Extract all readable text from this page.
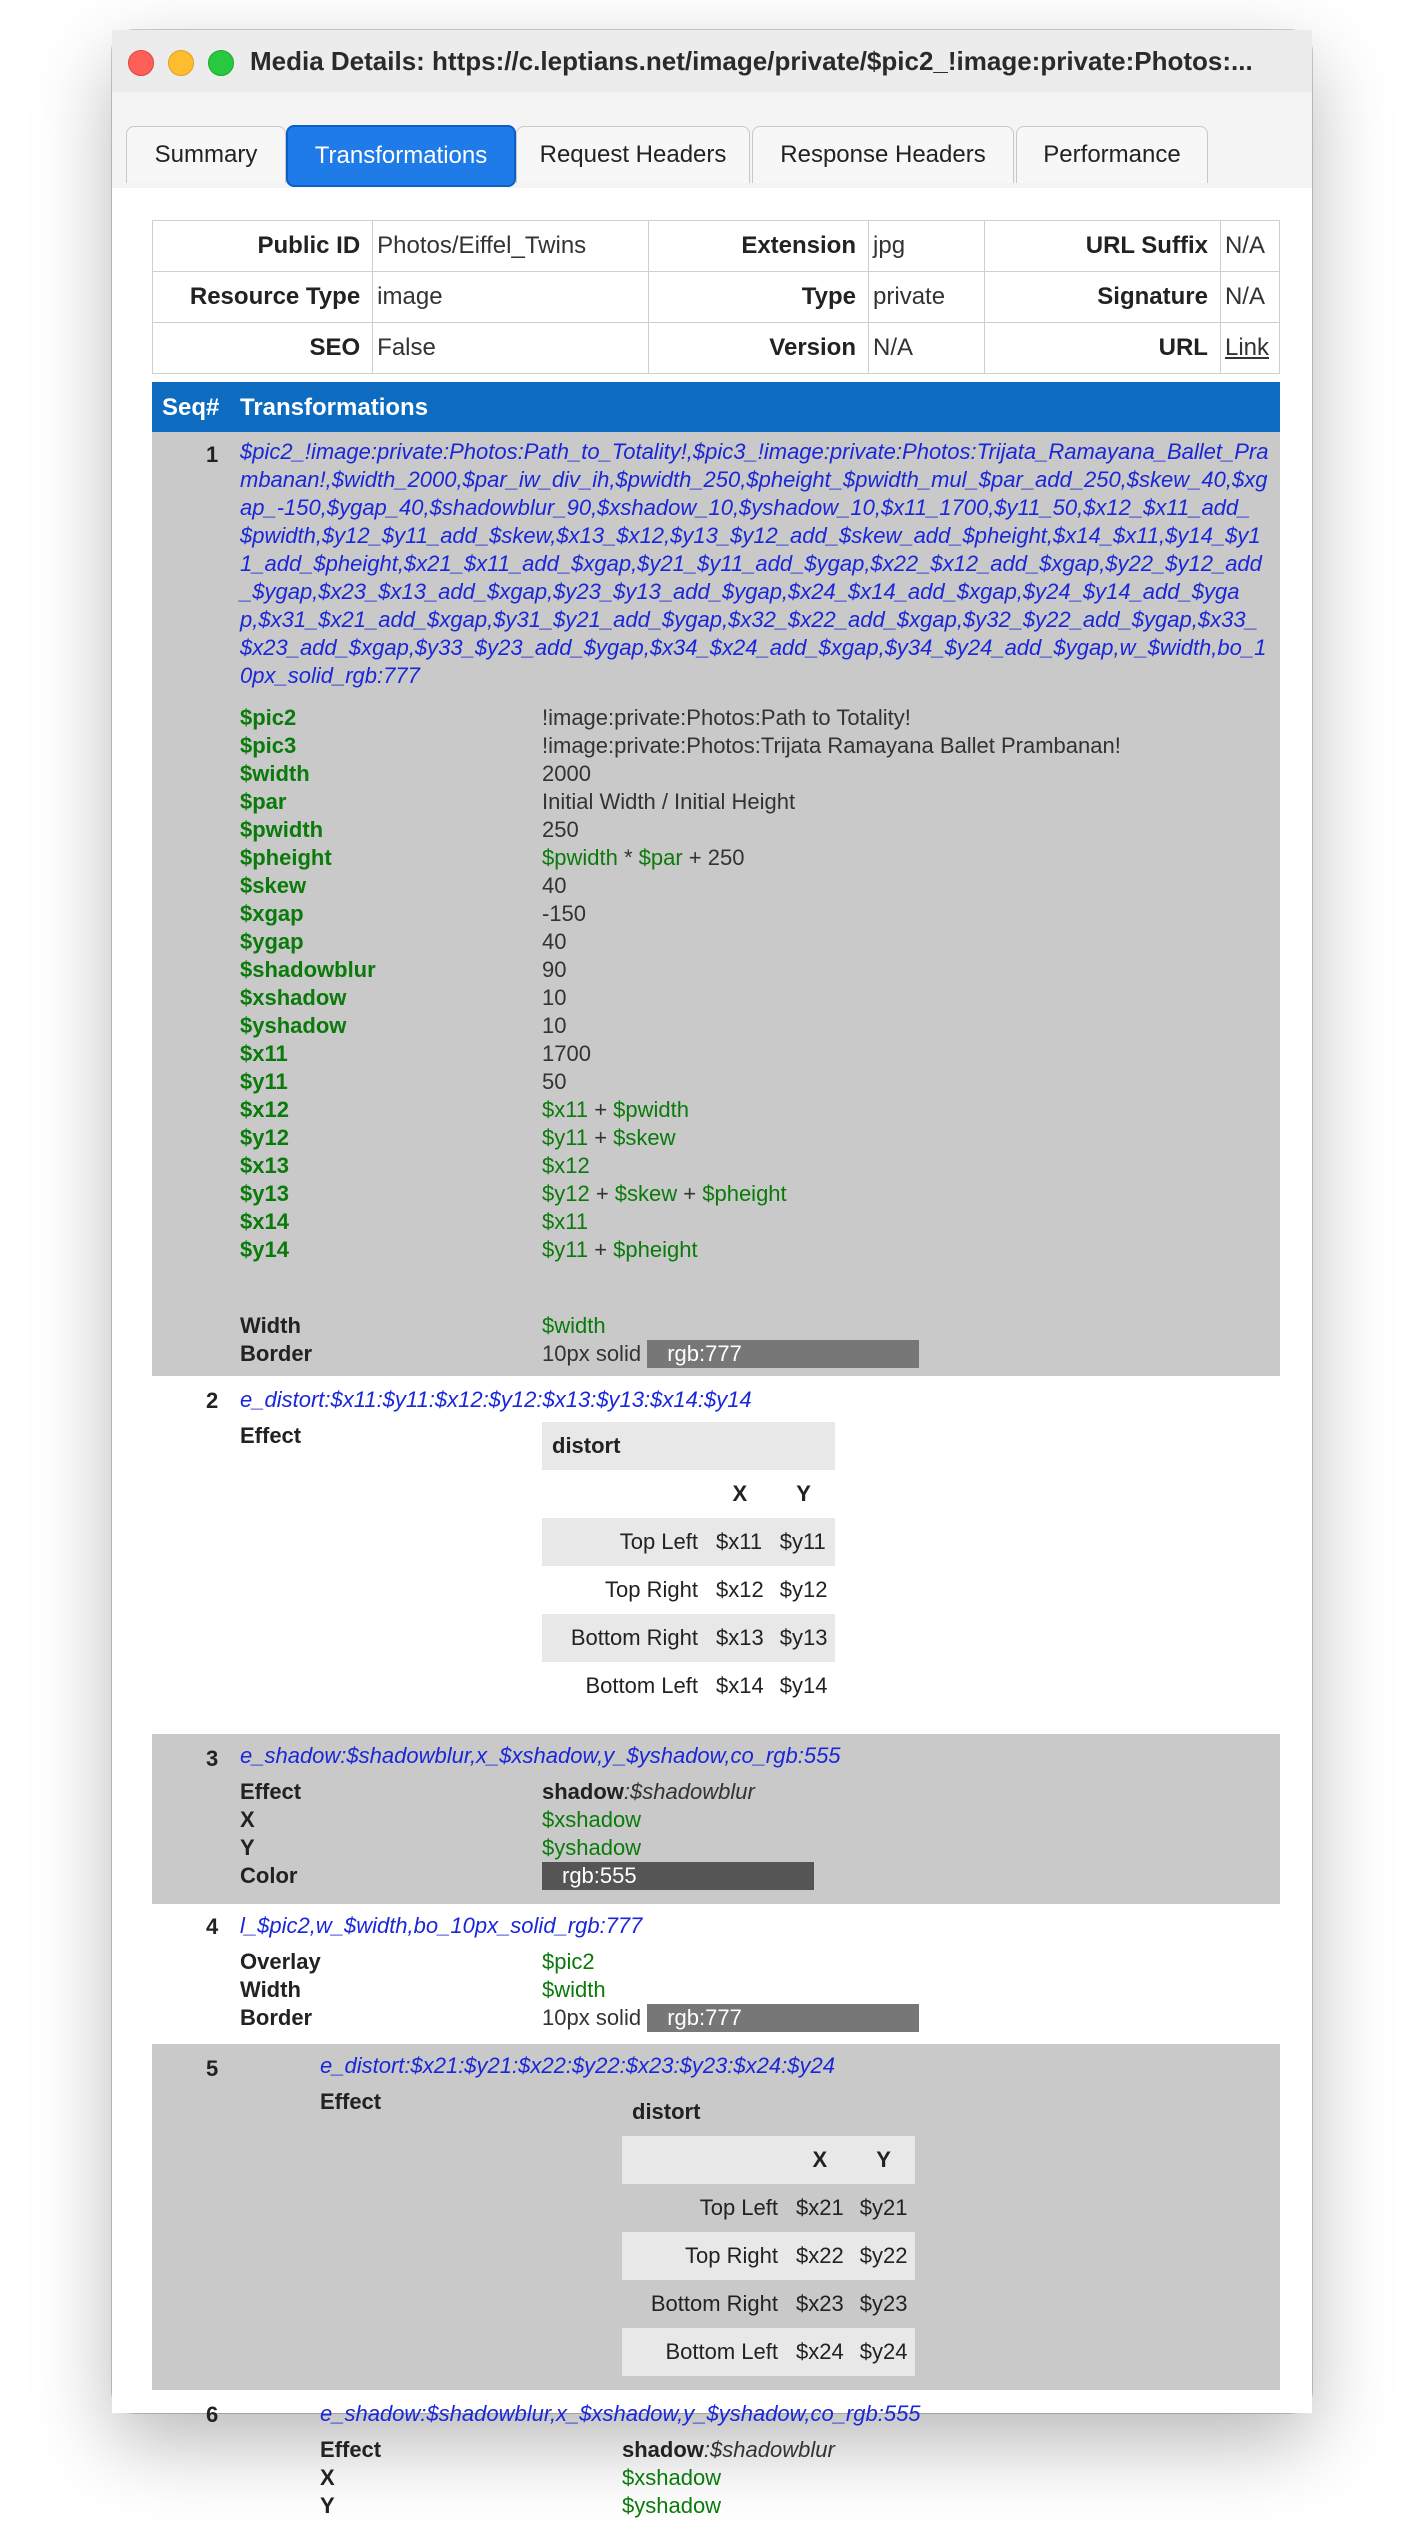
Media Details: https://c.leptians.net/image/private/$pic2_!image:private:Photos:...
Summary	Transformations	Request Headers	Response Headers	Performance
Public ID	Photos/Eiffel_Twins	Extension	jpg	URL Suffix	N/A
Resource Type	image	Type	private	Signature	N/A
SEO	False	Version	N/A	URL	Link
Seq# Transformations
1 $pic2_!image:private:Photos:Path_to_Totality!,$pic3_!image:private:Photos:Trijata_Ramayana_Ballet_Prambanan!,$width_2000,$par_iw_div_ih,$pwidth_250,$pheight_$pwidth_mul_$par_add_250,$skew_40,$xgap_-150,$ygap_40,$shadowblur_90,$xshadow_10,$yshadow_10,$x11_1700,$y11_50,$x12_$x11_add_$pwidth,$y12_$y11_add_$skew,$x13_$x12,$y13_$y12_add_$skew_add_$pheight,$x14_$x11,$y14_$y11_add_$pheight,$x21_$x11_add_$xgap,$y21_$y11_add_$ygap,$x22_$x12_add_$xgap,$y22_$y12_add_$ygap,$x23_$x13_add_$xgap,$y23_$y13_add_$ygap,$x24_$x14_add_$xgap,$y24_$y14_add_$ygap,$x31_$x21_add_$xgap,$y31_$y21_add_$ygap,$x32_$x22_add_$xgap,$y32_$y22_add_$ygap,$x33_$x23_add_$xgap,$y33_$y23_add_$ygap,$x34_$x24_add_$xgap,$y34_$y24_add_$ygap,w_$width,bo_10px_solid_rgb:777
$pic2	!image:private:Photos:Path to Totality!
$pic3	!image:private:Photos:Trijata Ramayana Ballet Prambanan!
$width	2000
$par	Initial Width / Initial Height
$pwidth	250
$pheight	$pwidth * $par + 250
$skew	40
$xgap	-150
$ygap	40
$shadowblur	90
$xshadow	10
$yshadow	10
$x11	1700
$y11	50
$x12	$x11 + $pwidth
$y12	$y11 + $skew
$x13	$x12
$y13	$y12 + $skew + $pheight
$x14	$x11
$y14	$y11 + $pheight
Width	$width
Border	10px solid rgb:777
2 e_distort:$x11:$y11:$x12:$y12:$x13:$y13:$x14:$y14
Effect	distort		
	X	Y
Top Left	$x11	$y11
Top Right	$x12	$y12
Bottom Right	$x13	$y13
Bottom Left	$x14	$y14
3 e_shadow:$shadowblur,x_$xshadow,y_$yshadow,co_rgb:555
Effect	shadow:$shadowblur
X	$xshadow
Y	$yshadow
Color	rgb:555
4 l_$pic2,w_$width,bo_10px_solid_rgb:777
Overlay	$pic2
Width	$width
Border	10px solid rgb:777
5	e_distort:$x21:$y21:$x22:$y22:$x23:$y23:$x24:$y24
Effect	distort		
	X	Y
Top Left	$x21	$y21
Top Right	$x22	$y22
Bottom Right	$x23	$y23
Bottom Left	$x24	$y24
6	e_shadow:$shadowblur,x_$xshadow,y_$yshadow,co_rgb:555
Effect	shadow:$shadowblur
X	$xshadow
Y	$yshadow
